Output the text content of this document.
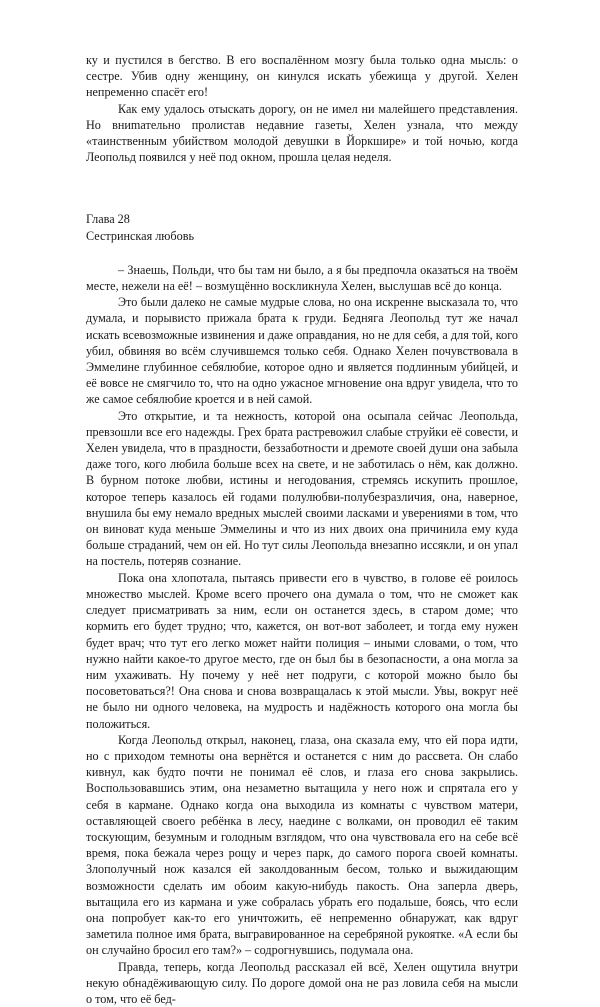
ку и пустился в бегство. В его воспалённом мозгу была только одна мысль: о сестре. Убив одну женщину, он кинулся искать убежища у другой. Хелен непременно спасёт его!

Как ему удалось отыскать дорогу, он не имел ни малейшего представления. Но вниmательно пролистав недавние газеты, Хелен узнала, что между «таинственным убийством молодой девушки в Йоркшире» и той ночью, когда Леопольд появился у неё под окном, прошла целая неделя.

Глава 28
Сестринская любовь

– Знаешь, Польди, что бы там ни было, а я бы предпочла оказаться на твоём месте, нежели на её! – возмущённо воскликнула Хелен, выслушав всё до конца.

Это были далеко не самые мудрые слова, но она искренне высказала то, что думала, и порывисто прижала брата к груди. Бедняга Леопольд тут же начал искать всевозможные извинения и даже оправдания, но не для себя, а для той, кого убил, обвиняя во всём случившемся только себя. Однако Хелен почувствовала в Эммелине глубинное себялюбие, которое одно и является подлинным убийцей, и её вовсе не смягчило то, что на одно ужасное мгновение она вдруг увидела, что то же самое себялюбие кроется и в ней самой.

Это открытие, и та нежность, которой она осыпала сейчас Леопольда, превзошли все его надежды. Грех брата растревожил слабые струйки её совести, и Хелен увидела, что в праздности, беззаботности и дремоте своей души она забыла даже того, кого любила больше всех на свете, и не заботилась о нём, как должно. В бурном потоке любви, истины и негодования, стремясь искупить прошлое, которое теперь казалось ей годами полулюбви-полубезразличия, она, наверное, внушила бы ему немало вредных мыслей своими ласками и уверениями в том, что он виноват куда меньше Эммелины и что из них двоих она причинила ему куда больше страданий, чем он ей. Но тут силы Леопольда внезапно иссякли, и он упал на постель, потеряв сознание.

Пока она хлопотала, пытаясь привести его в чувство, в голове её роилось множество мыслей. Кроме всего прочего она думала о том, что не сможет как следует присматривать за ним, если он останется здесь, в старом доме; что кормить его будет трудно; что, кажется, он вот-вот заболеет, и тогда ему нужен будет врач; что тут его легко может найти полиция – иными словами, о том, что нужно найти какое-то другое место, где он был бы в безопасности, а она могла за ним ухаживать. Ну почему у неё нет подруги, с которой можно было бы посоветоваться?! Она снова и снова возвращалась к этой мысли. Увы, вокруг неё не было ни одного человека, на мудрость и надёжность которого она могла бы положиться.

Когда Леопольд открыл, наконец, глаза, она сказала ему, что ей пора идти, но с приходом темноты она вернётся и останется с ним до рассвета. Он слабо кивнул, как будто почти не понимал её слов, и глаза его снова закрылись. Воспользовавшись этим, она незаметно вытащила у него нож и спрятала его у себя в кармане. Однако когда она выходила из комнаты с чувством матери, оставляющей своего ребёнка в лесу, наедине с волками, он проводил её таким тоскующим, безумным и голодным взглядом, что она чувствовала его на себе всё время, пока бежала через рощу и через парк, до самого порога своей комнаты. Злополучный нож казался ей заколдованным бесом, только и выжидающим возможности сделать им обоим какую-нибудь пакость. Она заперла дверь, вытащила его из кармана и уже собралась убрать его подальше, боясь, что если она попробует как-то его уничтожить, её непременно обнаружат, как вдруг заметила полное имя брата, выгравированное на серебряной рукоятке. «А если бы он случайно бросил его там?» – содрогнувшись, подумала она.

Правда, теперь, когда Леопольд рассказал ей всё, Хелен ощутила внутри некую обнадёживающую силу. По дороге домой она не раз ловила себя на мысли о том, что её бед-
